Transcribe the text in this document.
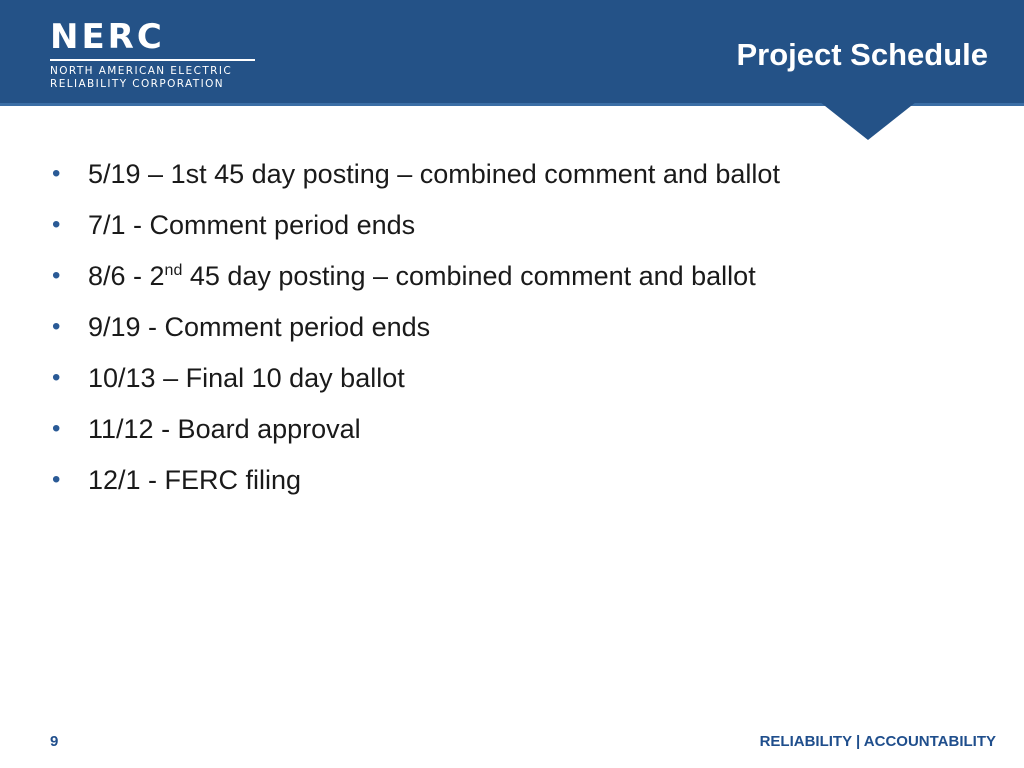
NERC
NORTH AMERICAN ELECTRIC
RELIABILITY CORPORATION
Project Schedule
• 5/19 – 1st 45 day posting – combined comment and ballot
• 7/1 - Comment period ends
• 8/6 - 2nd 45 day posting – combined comment and ballot
• 9/19 - Comment period ends
• 10/13 – Final 10 day ballot
• 11/12 - Board approval
• 12/1 - FERC filing
9	RELIABILITY | ACCOUNTABILITY
